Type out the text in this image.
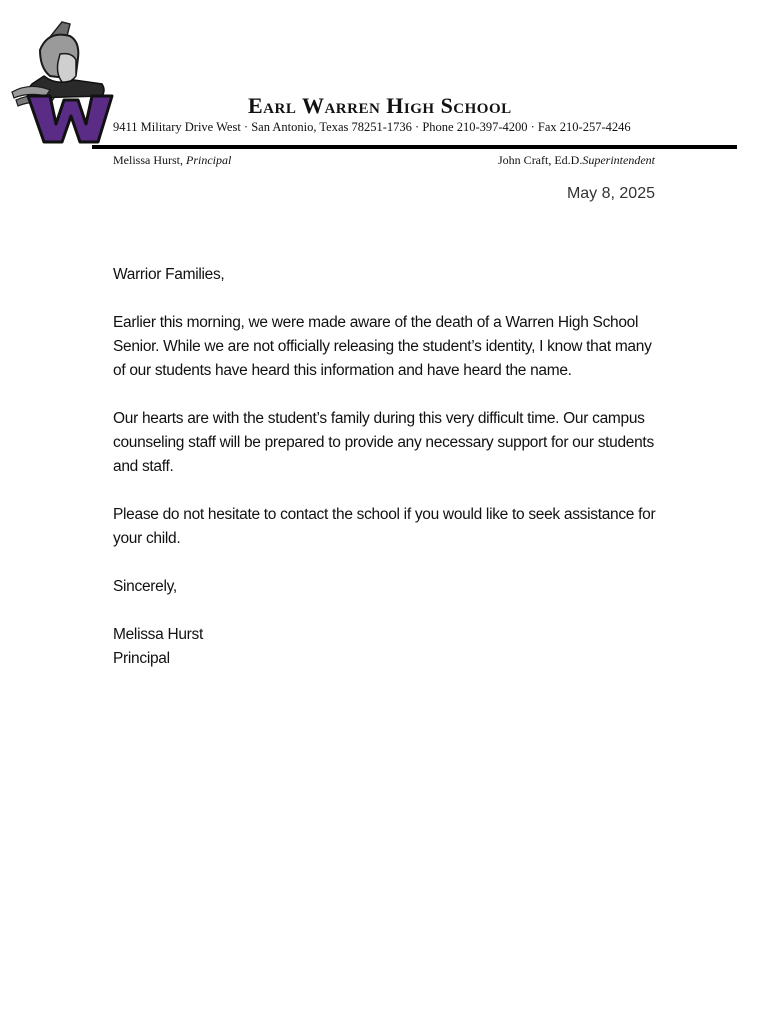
Earl Warren High School
9411 Military Drive West · San Antonio, Texas 78251-1736 · Phone 210-397-4200 · Fax 210-257-4246
Melissa Hurst, Principal	John Craft, Ed.D.Superintendent
May 8, 2025

Warrior Families,

Earlier this morning, we were made aware of the death of a Warren High School Senior. While we are not officially releasing the student’s identity, I know that many of our students have heard this information and have heard the name.

Our hearts are with the student’s family during this very difficult time. Our campus counseling staff will be prepared to provide any necessary support for our students and staff.

Please do not hesitate to contact the school if you would like to seek assistance for your child.

Sincerely,

Melissa Hurst

Principal
